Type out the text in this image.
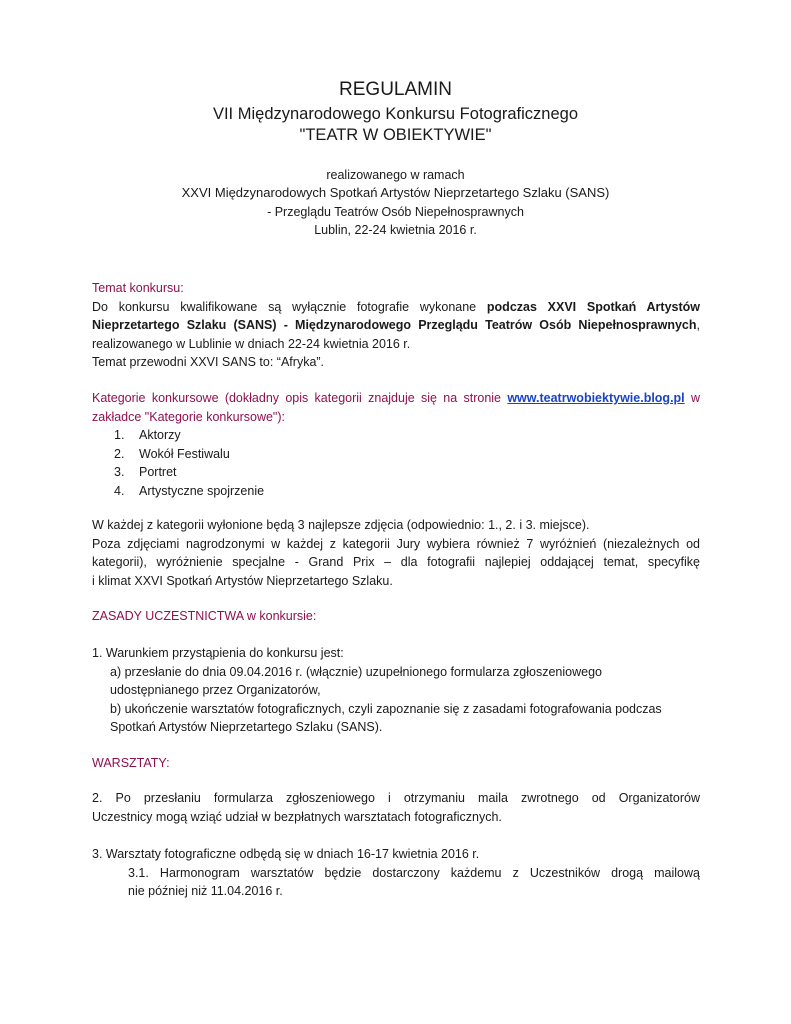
REGULAMIN
VII Międzynarodowego Konkursu Fotograficznego
"TEATR W OBIEKTYWIE"
realizowanego w ramach
XXVI Międzynarodowych Spotkań Artystów Nieprzetartego Szlaku (SANS)
- Przeglądu Teatrów Osób Niepełnosprawnych
Lublin, 22-24 kwietnia 2016 r.
Temat konkursu:
Do konkursu kwalifikowane są wyłącznie fotografie wykonane podczas XXVI Spotkań Artystów
Nieprzetartego Szlaku (SANS) - Międzynarodowego Przeglądu Teatrów Osób Niepełnosprawnych,
realizowanego w Lublinie w dniach 22-24 kwietnia 2016 r.
Temat przewodni XXVI SANS to: “Afryka”.
Kategorie konkursowe (dokładny opis kategorii znajduje się na stronie www.teatrwobiektywie.blog.pl w
zakładce "Kategorie konkursowe"):
1. Aktorzy
2. Wokół Festiwalu
3. Portret
4. Artystyczne spojrzenie
W każdej z kategorii wyłonione będą 3 najlepsze zdjęcia (odpowiednio: 1., 2. i 3. miejsce).
Poza zdjęciami nagrodzonymi w każdej z kategorii Jury wybiera również 7 wyróżnień (niezależnych od
kategorii), wyróżnienie specjalne - Grand Prix – dla fotografii najlepiej oddającej temat, specyfikę
i klimat XXVI Spotkań Artystów Nieprzetartego Szlaku.
ZASADY UCZESTNICTWA w konkursie:
1. Warunkiem przystąpienia do konkursu jest:
a) przesłanie do dnia 09.04.2016 r. (włącznie) uzupełnionego formularza zgłoszeniowego
udostępnianego przez Organizatorów,
b) ukończenie warsztatów fotograficznych, czyli zapoznanie się z zasadami fotografowania podczas
Spotkań Artystów Nieprzetartego Szlaku (SANS).
WARSZTATY:
2. Po przesłaniu formularza zgłoszeniowego i otrzymaniu maila zwrotnego od Organizatorów
Uczestnicy mogą wziąć udział w bezpłatnych warsztatach fotograficznych.
3. Warsztaty fotograficzne odbędą się w dniach 16-17 kwietnia 2016 r.
3.1. Harmonogram warsztatów będzie dostarczony każdemu z Uczestników drogą mailową
nie później niż 11.04.2016 r.
